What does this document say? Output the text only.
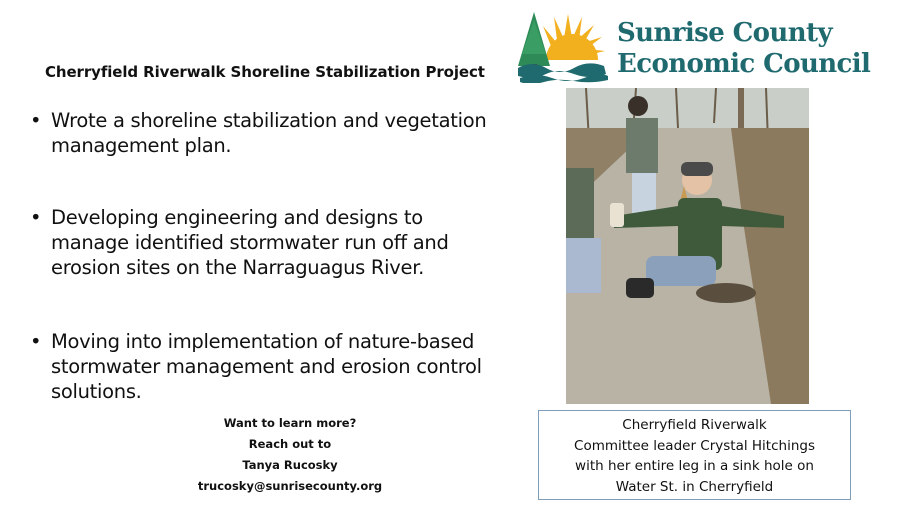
Cherryfield Riverwalk Shoreline Stabilization Project
• Wrote a shoreline stabilization and vegetation
management plan.
• Developing engineering and designs to
manage identified stormwater run off and
erosion sites on the Narraguagus River.
• Moving into implementation of nature-based
stormwater management and erosion control
solutions.
Want to learn more?
Reach out to
Tanya Rucosky
trucosky@sunrisecounty.org
Sunrise County
Economic Council
Cherryfield Riverwalk
Committee leader Crystal Hitchings
with her entire leg in a sink hole on
Water St. in Cherryfield
